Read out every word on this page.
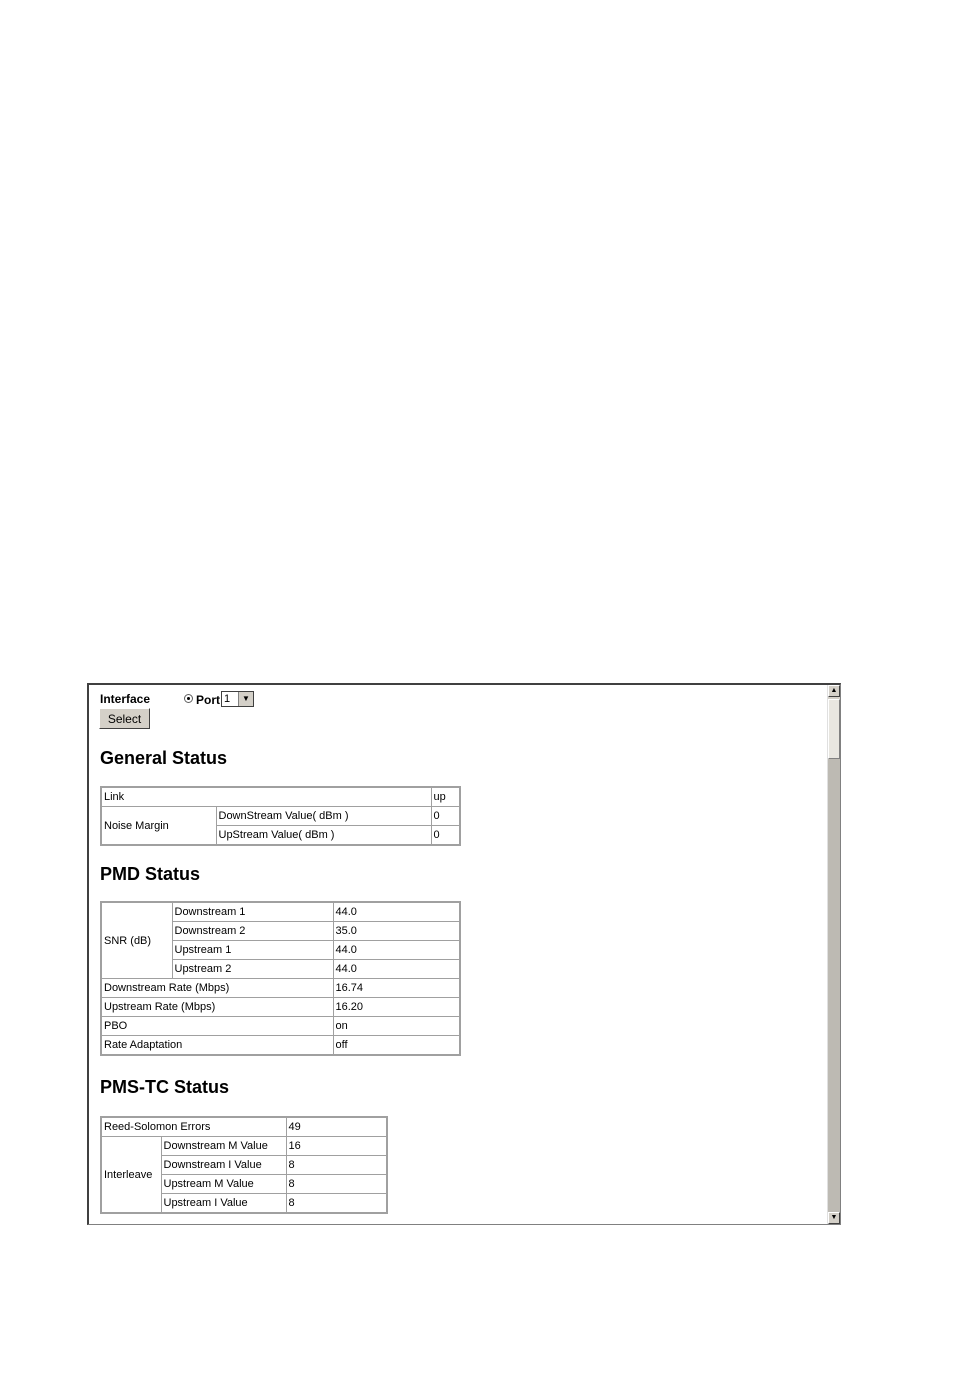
Interface	Port 1	▼
Select
General Status
Link		up
Noise Margin	DownStream Value( dBm )	0
	UpStream Value( dBm )	0
PMD Status
SNR (dB)	Downstream 1	44.0
	Downstream 2	35.0
	Upstream 1	44.0
	Upstream 2	44.0
Downstream Rate (Mbps)		16.74
Upstream Rate (Mbps)		16.20
PBO		on
Rate Adaptation		off
PMS-TC Status
Reed-Solomon Errors		49
Interleave	Downstream M Value	16
	Downstream I Value	8
	Upstream M Value	8
	Upstream I Value	8
▲
▼
